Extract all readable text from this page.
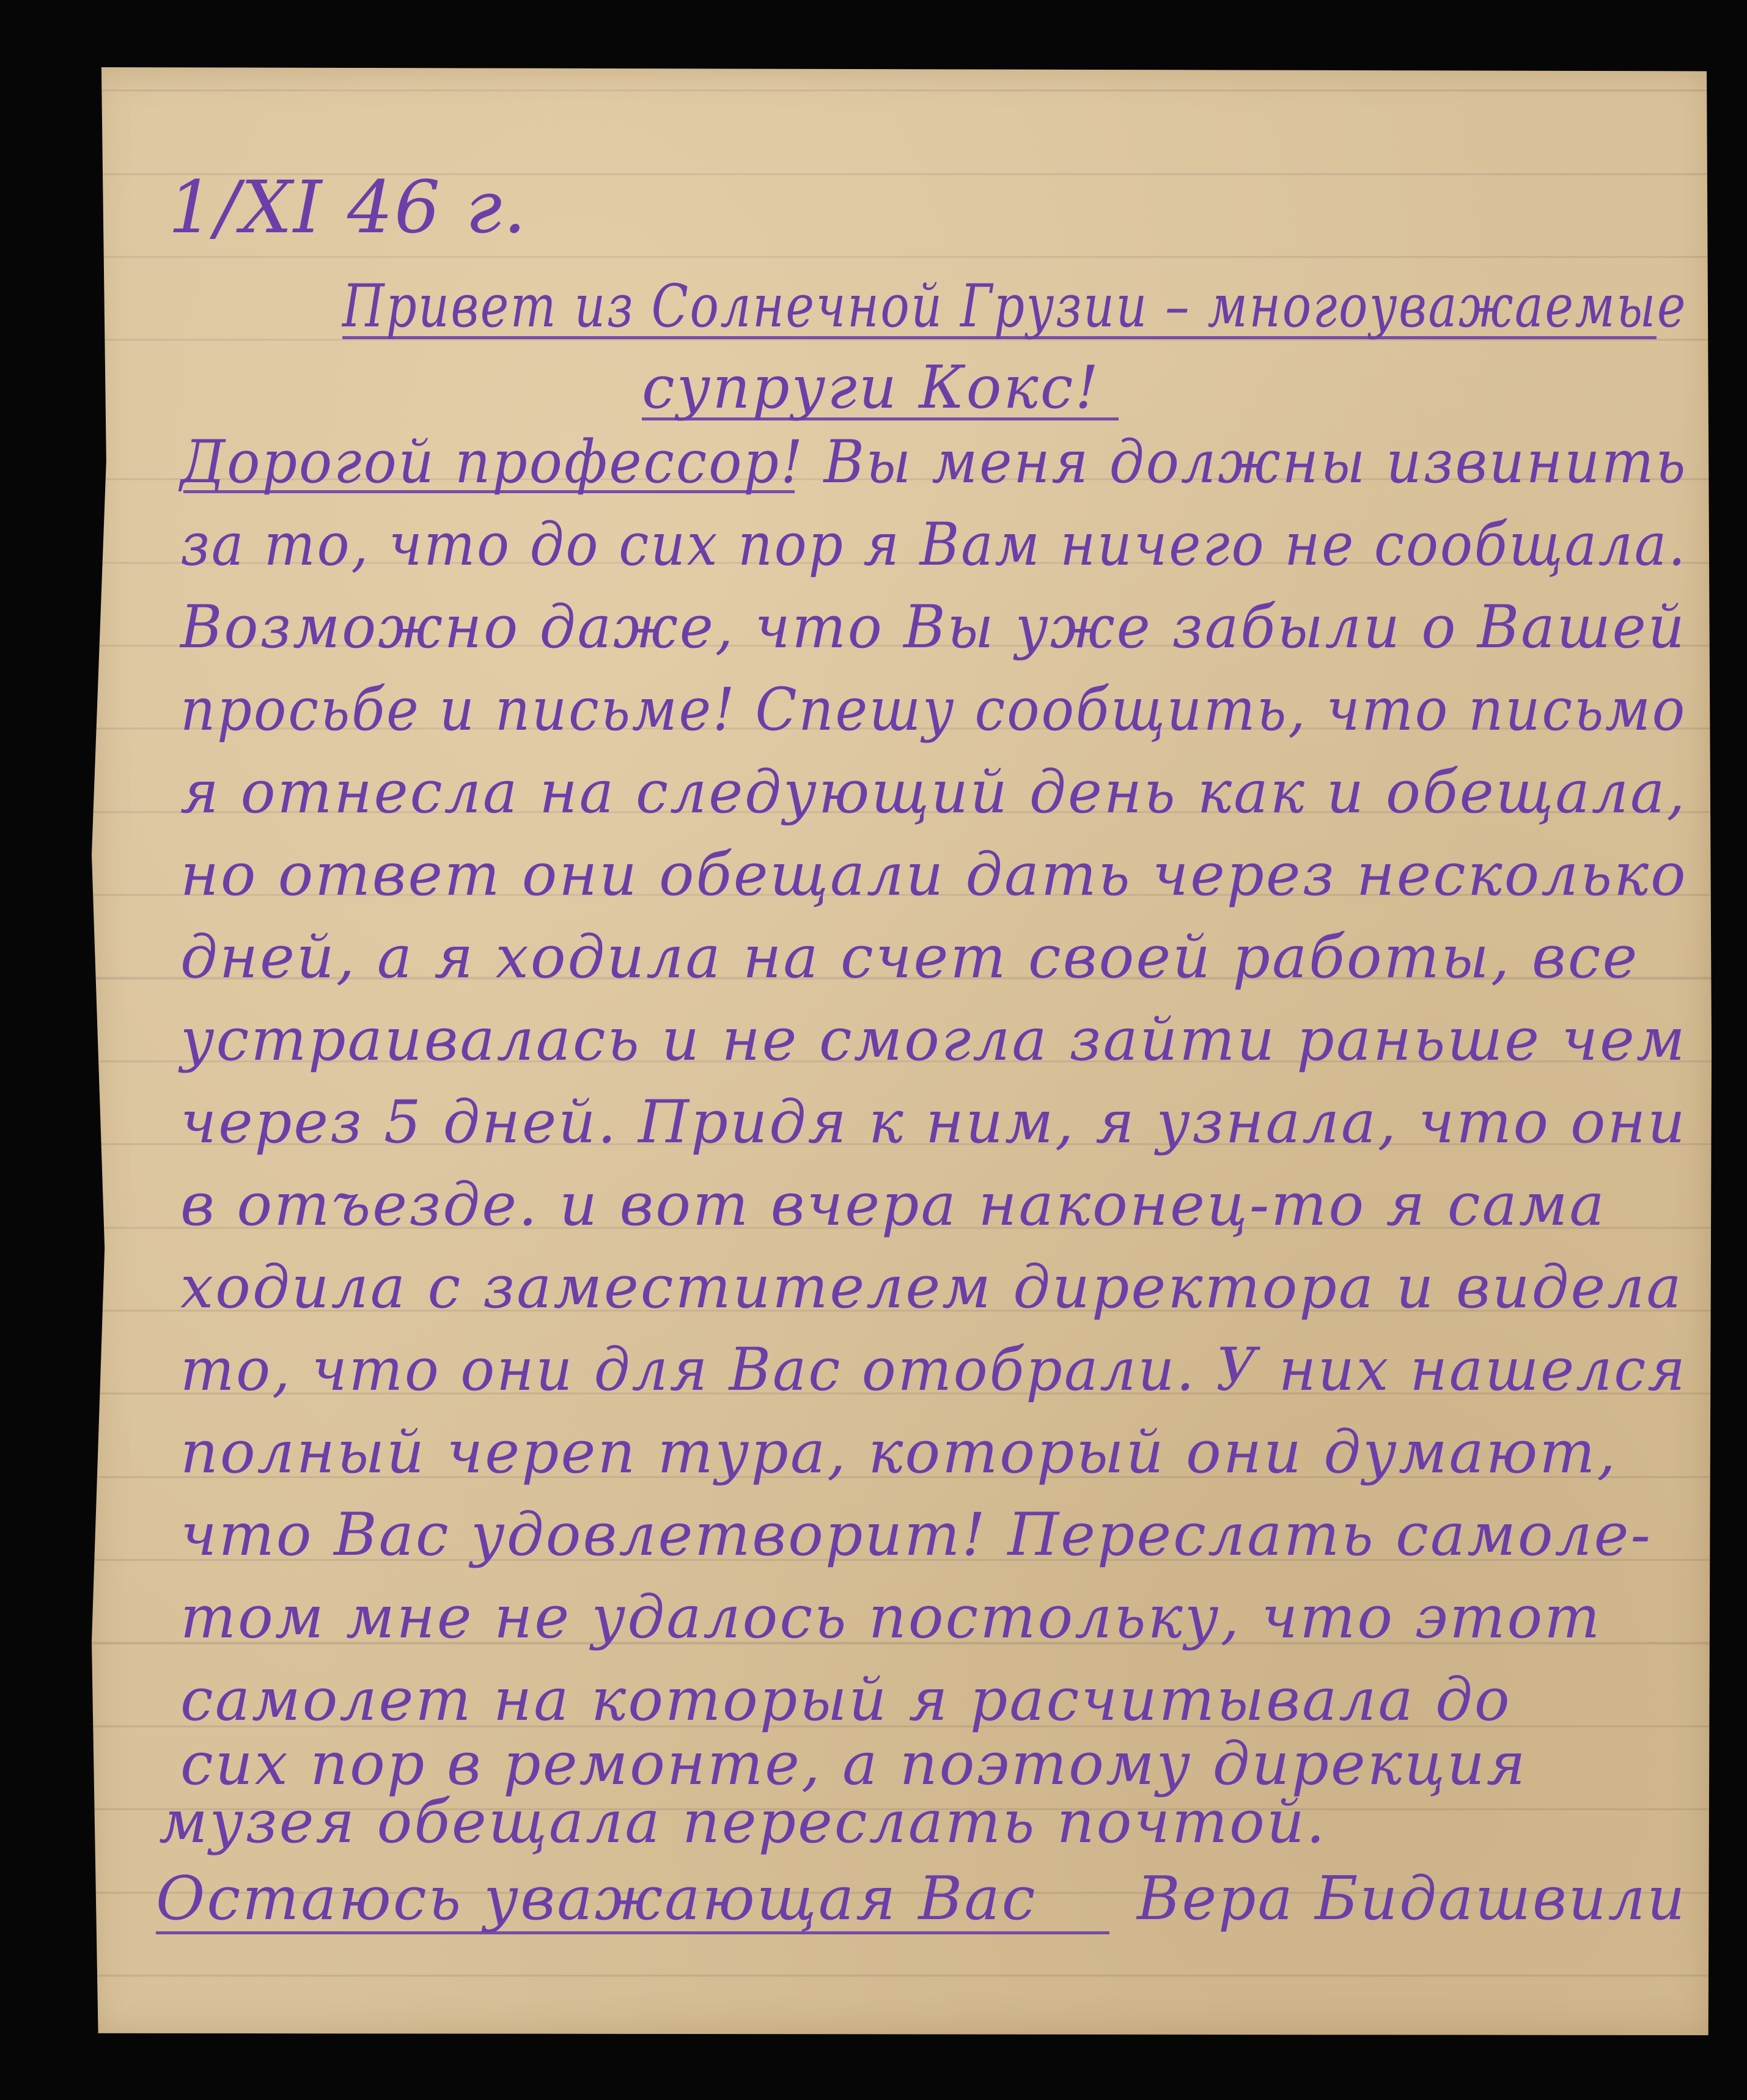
1/XI 46 г.
Привет из Солнечной Грузии – многоуважаемые
супруги Кокс!
Дорогой профессор! Вы меня должны извинить
за то, что до сих пор я Вам ничего не сообщала.
Возможно даже, что Вы уже забыли о Вашей
просьбе и письме! Спешу сообщить, что письмо
я отнесла на следующий день как и обещала,
но ответ они обещали дать через несколько
дней, а я ходила на счет своей работы, все
устраивалась и не смогла зайти раньше чем
через 5 дней. Придя к ним, я узнала, что они
в отъезде. и вот вчера наконец-то я сама
ходила с заместителем директора и видела
то, что они для Вас отобрали. У них нашелся
полный череп тура, который они думают,
что Вас удовлетворит! Переслать самоле-
том мне не удалось постольку, что этот
самолет на который я расчитывала до
сих пор в ремонте, а поэтому дирекция
Остаюсь уважающая Вас Вера Бидашвили
музея обещала переслать почтой.
